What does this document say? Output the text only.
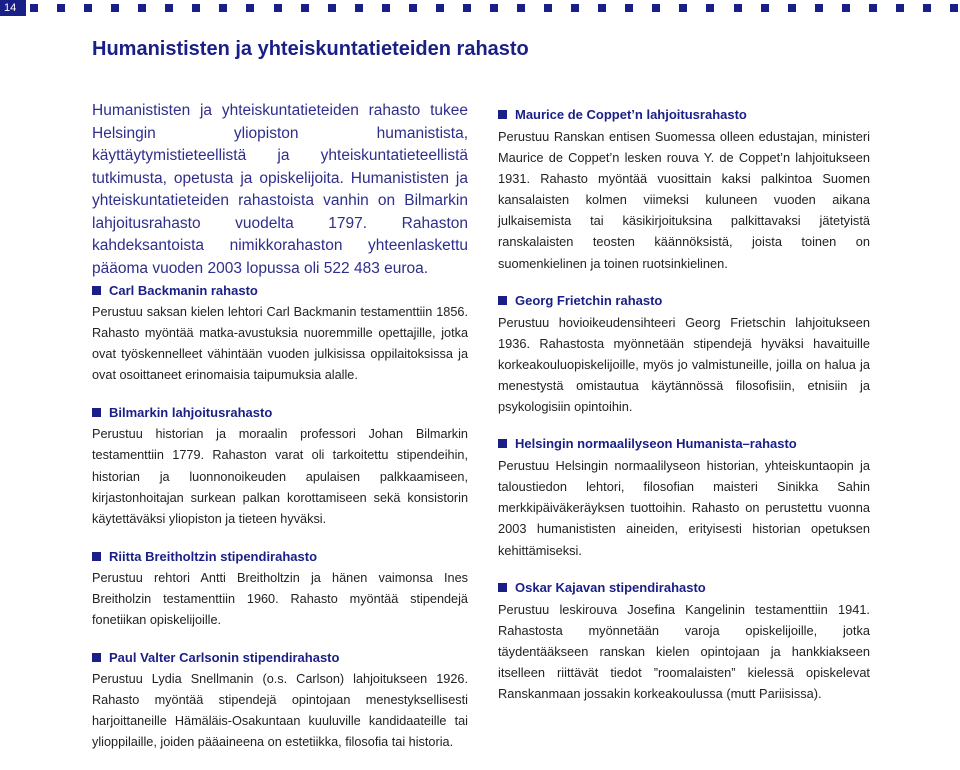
14
Humanististen ja yhteiskuntatieteiden rahasto

Humanististen ja yhteiskuntatieteiden rahasto tukee Helsingin yliopiston humanistista, käyttäytymistieteellistä ja yhteiskuntatieteellistä tutkimusta, opetusta ja opiskelijoita. Humanististen ja yhteiskuntatieteiden rahastoista vanhin on Bilmarkin lahjoitusrahasto vuodelta 1797. Rahaston kahdeksantoista nimikkorahaston yhteenlaskettu pääoma vuoden 2003 lopussa oli 522 483 euroa.

Carl Backmanin rahasto

Perustuu saksan kielen lehtori Carl Backmanin testamenttiin 1856. Rahasto myöntää matka-avustuksia nuoremmille opettajille, jotka ovat työskennelleet vähintään vuoden julkisissa oppilaitoksissa ja ovat osoittaneet erinomaisia taipumuksia alalle.

Bilmarkin lahjoitusrahasto

Perustuu historian ja moraalin professori Johan Bilmarkin testamenttiin 1779. Rahaston varat oli tarkoitettu stipendeihin, historian ja luonnonoikeuden apulaisen palkkaamiseen, kirjastonhoitajan surkean palkan korottamiseen sekä konsistorin käytettäväksi yliopiston ja tieteen hyväksi.

Riitta Breitholtzin stipendirahasto

Perustuu rehtori Antti Breitholtzin ja hänen vaimonsa Ines Breitholzin testamenttiin 1960. Rahasto myöntää stipendejä fonetiikan opiskelijoille.

Paul Valter Carlsonin stipendirahasto

Perustuu Lydia Snellmanin (o.s. Carlson) lahjoitukseen 1926. Rahasto myöntää stipendejä opintojaan menestyksellisesti harjoittaneille Hämäläis-Osakuntaan kuuluville kandidaateille tai ylioppilaille, joiden pääaineena on estetiikka, filosofia tai historia.

Maurice de Coppet’n lahjoitusrahasto

Perustuu Ranskan entisen Suomessa olleen edustajan, ministeri Maurice de Coppet’n lesken rouva Y. de Coppet’n lahjoitukseen 1931. Rahasto myöntää vuosittain kaksi palkintoa Suomen kansalaisten kolmen viimeksi kuluneen vuoden aikana julkaisemista tai käsikirjoituksina palkittavaksi jätetyistä ranskalaisten teosten käännöksistä, joista toinen on suomenkielinen ja toinen ruotsinkielinen.

Georg Frietchin rahasto

Perustuu hovioikeudensihteeri Georg Frietschin lahjoitukseen 1936. Rahastosta myönnetään stipendejä hyväksi havaituille korkeakouluopiskelijoille, myös jo valmistuneille, joilla on halua ja menestystä omistautua käytännössä filosofisiin, etnisiin ja psykologisiin opintoihin.

Helsingin normaalilyseon Humanista–rahasto

Perustuu Helsingin normaalilyseon historian, yhteiskuntaopin ja taloustiedon lehtori, filosofian maisteri Sinikka Sahin merkkipäiväkeräyksen tuottoihin. Rahasto on perustettu vuonna 2003 humanististen aineiden, erityisesti historian opetuksen kehittämiseksi.

Oskar Kajavan stipendirahasto

Perustuu leskirouva Josefina Kangelinin testamenttiin 1941. Rahastosta myönnetään varoja opiskelijoille, jotka täydentääkseen ranskan kielen opintojaan ja hankkiakseen itselleen riittävät tiedot ”roomalaisten” kielessä opiskelevat Ranskanmaan jossakin korkeakoulussa (mutt Pariisissa).
